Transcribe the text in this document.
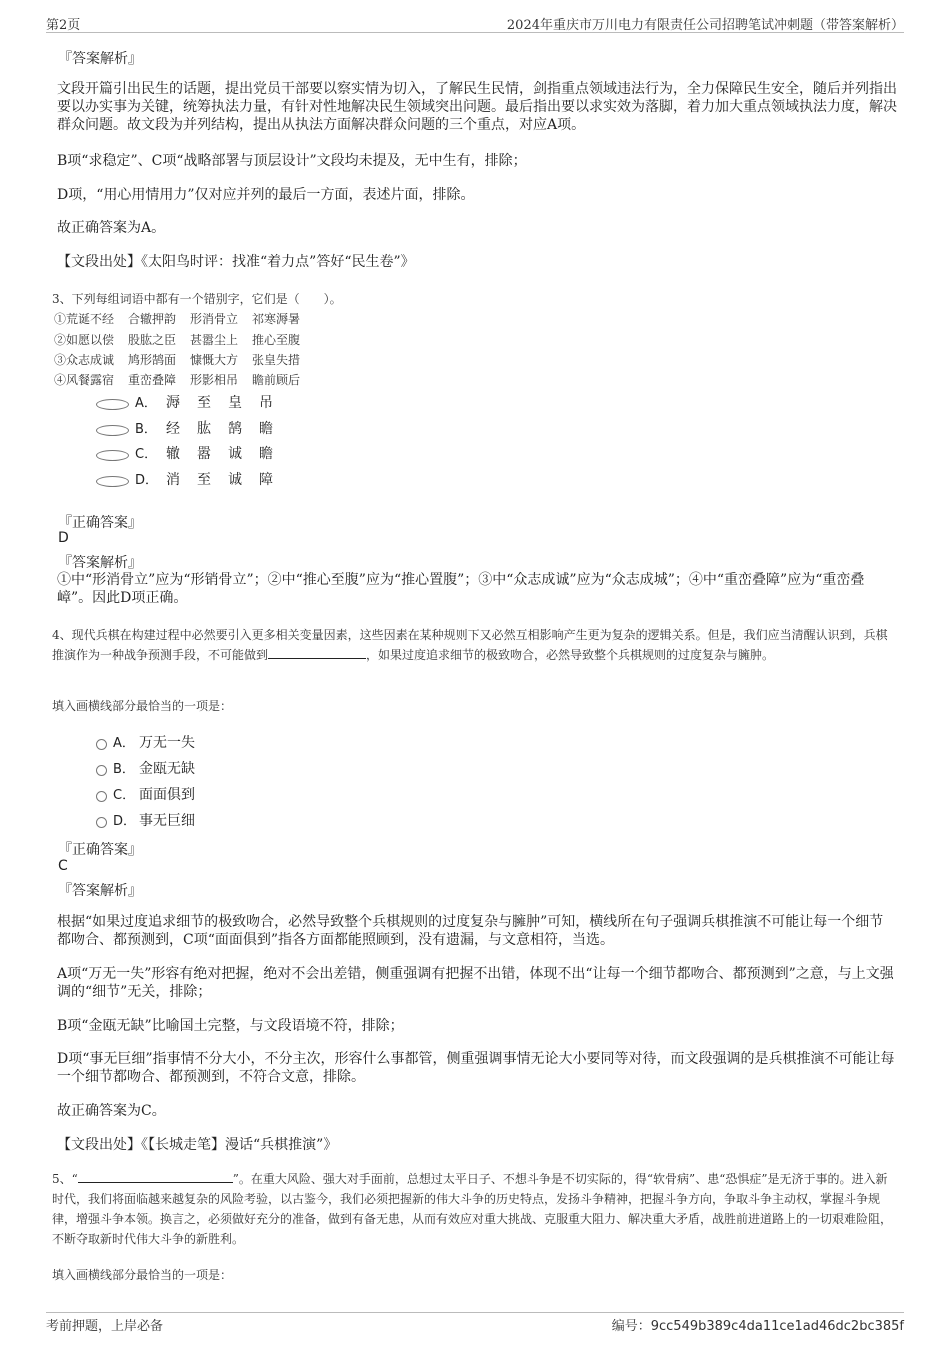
第2页	2024年重庆市万川电力有限责任公司招聘笔试冲刺题（带答案解析）
『答案解析』
文段开篇引出民生的话题，提出党员干部要以察实情为切入，了解民生民情，剑指重点领域违法行为，全力保障民生安全，随后并列指出要以办实事为关键，统筹执法力量，有针对性地解决民生领域突出问题。最后指出要以求实效为落脚，着力加大重点领域执法力度，解决群众问题。故文段为并列结构，提出从执法方面解决群众问题的三个重点，对应A项。
B项“求稳定”、C项“战略部署与顶层设计”文段均未提及，无中生有，排除；
D项，“用心用情用力”仅对应并列的最后一方面，表述片面，排除。
故正确答案为A。
【文段出处】《太阳鸟时评：找准“着力点”答好“民生卷”》
3、下列每组词语中都有一个错别字，它们是（　　）。
①荒诞不经 合辙押韵 形消骨立 祁寒溽暑
②如愿以偿 股肱之臣 甚嚣尘上 推心至腹
③众志成诚 鸠形鹄面 慷慨大方 张皇失措
④风餐露宿 重峦叠障 形影相吊 瞻前顾后
A． 溽 至 皇 吊
B． 经 肱 鹄 瞻
C． 辙 嚣 诚 瞻
D． 消 至 诚 障
『正确答案』
D
『答案解析』
①中“形消骨立”应为“形销骨立”；②中“推心至腹”应为“推心置腹”；③中“众志成诚”应为“众志成城”；④中“重峦叠障”应为“重峦叠嶂”。因此D项正确。
4、现代兵棋在构建过程中必然要引入更多相关变量因素，这些因素在某种规则下又必然互相影响产生更为复杂的逻辑关系。但是，我们应当清醒认识到，兵棋推演作为一种战争预测手段，不可能做到	，如果过度追求细节的极致吻合，必然导致整个兵棋规则的过度复杂与臃肿。
填入画横线部分最恰当的一项是：
A． 万无一失
B． 金瓯无缺
C． 面面俱到
D． 事无巨细
『正确答案』
C
『答案解析』
根据“如果过度追求细节的极致吻合，必然导致整个兵棋规则的过度复杂与臃肿”可知，横线所在句子强调兵棋推演不可能让每一个细节都吻合、都预测到，C项“面面俱到”指各方面都能照顾到，没有遗漏，与文意相符，当选。
A项“万无一失”形容有绝对把握，绝对不会出差错，侧重强调有把握不出错，体现不出“让每一个细节都吻合、都预测到”之意，与上文强调的“细节”无关，排除；
B项“金瓯无缺”比喻国土完整，与文段语境不符，排除；
D项“事无巨细”指事情不分大小，不分主次，形容什么事都管，侧重强调事情无论大小要同等对待，而文段强调的是兵棋推演不可能让每一个细节都吻合、都预测到，不符合文意，排除。
故正确答案为C。
【文段出处】《【长城走笔】漫话“兵棋推演”》
5、“	”。在重大风险、强大对手面前，总想过太平日子、不想斗争是不切实际的，得“软骨病”、患“恐惧症”是无济于事的。进入新时代，我们将面临越来越复杂的风险考验，以古鉴今，我们必须把握新的伟大斗争的历史特点，发扬斗争精神，把握斗争方向，争取斗争主动权，掌握斗争规律，增强斗争本领。换言之，必须做好充分的准备，做到有备无患，从而有效应对重大挑战、克服重大阻力、解决重大矛盾，战胜前进道路上的一切艰难险阻，不断夺取新时代伟大斗争的新胜利。
填入画横线部分最恰当的一项是：
考前押题，上岸必备	编号：9cc549b389c4da11ce1ad46dc2bc385f
